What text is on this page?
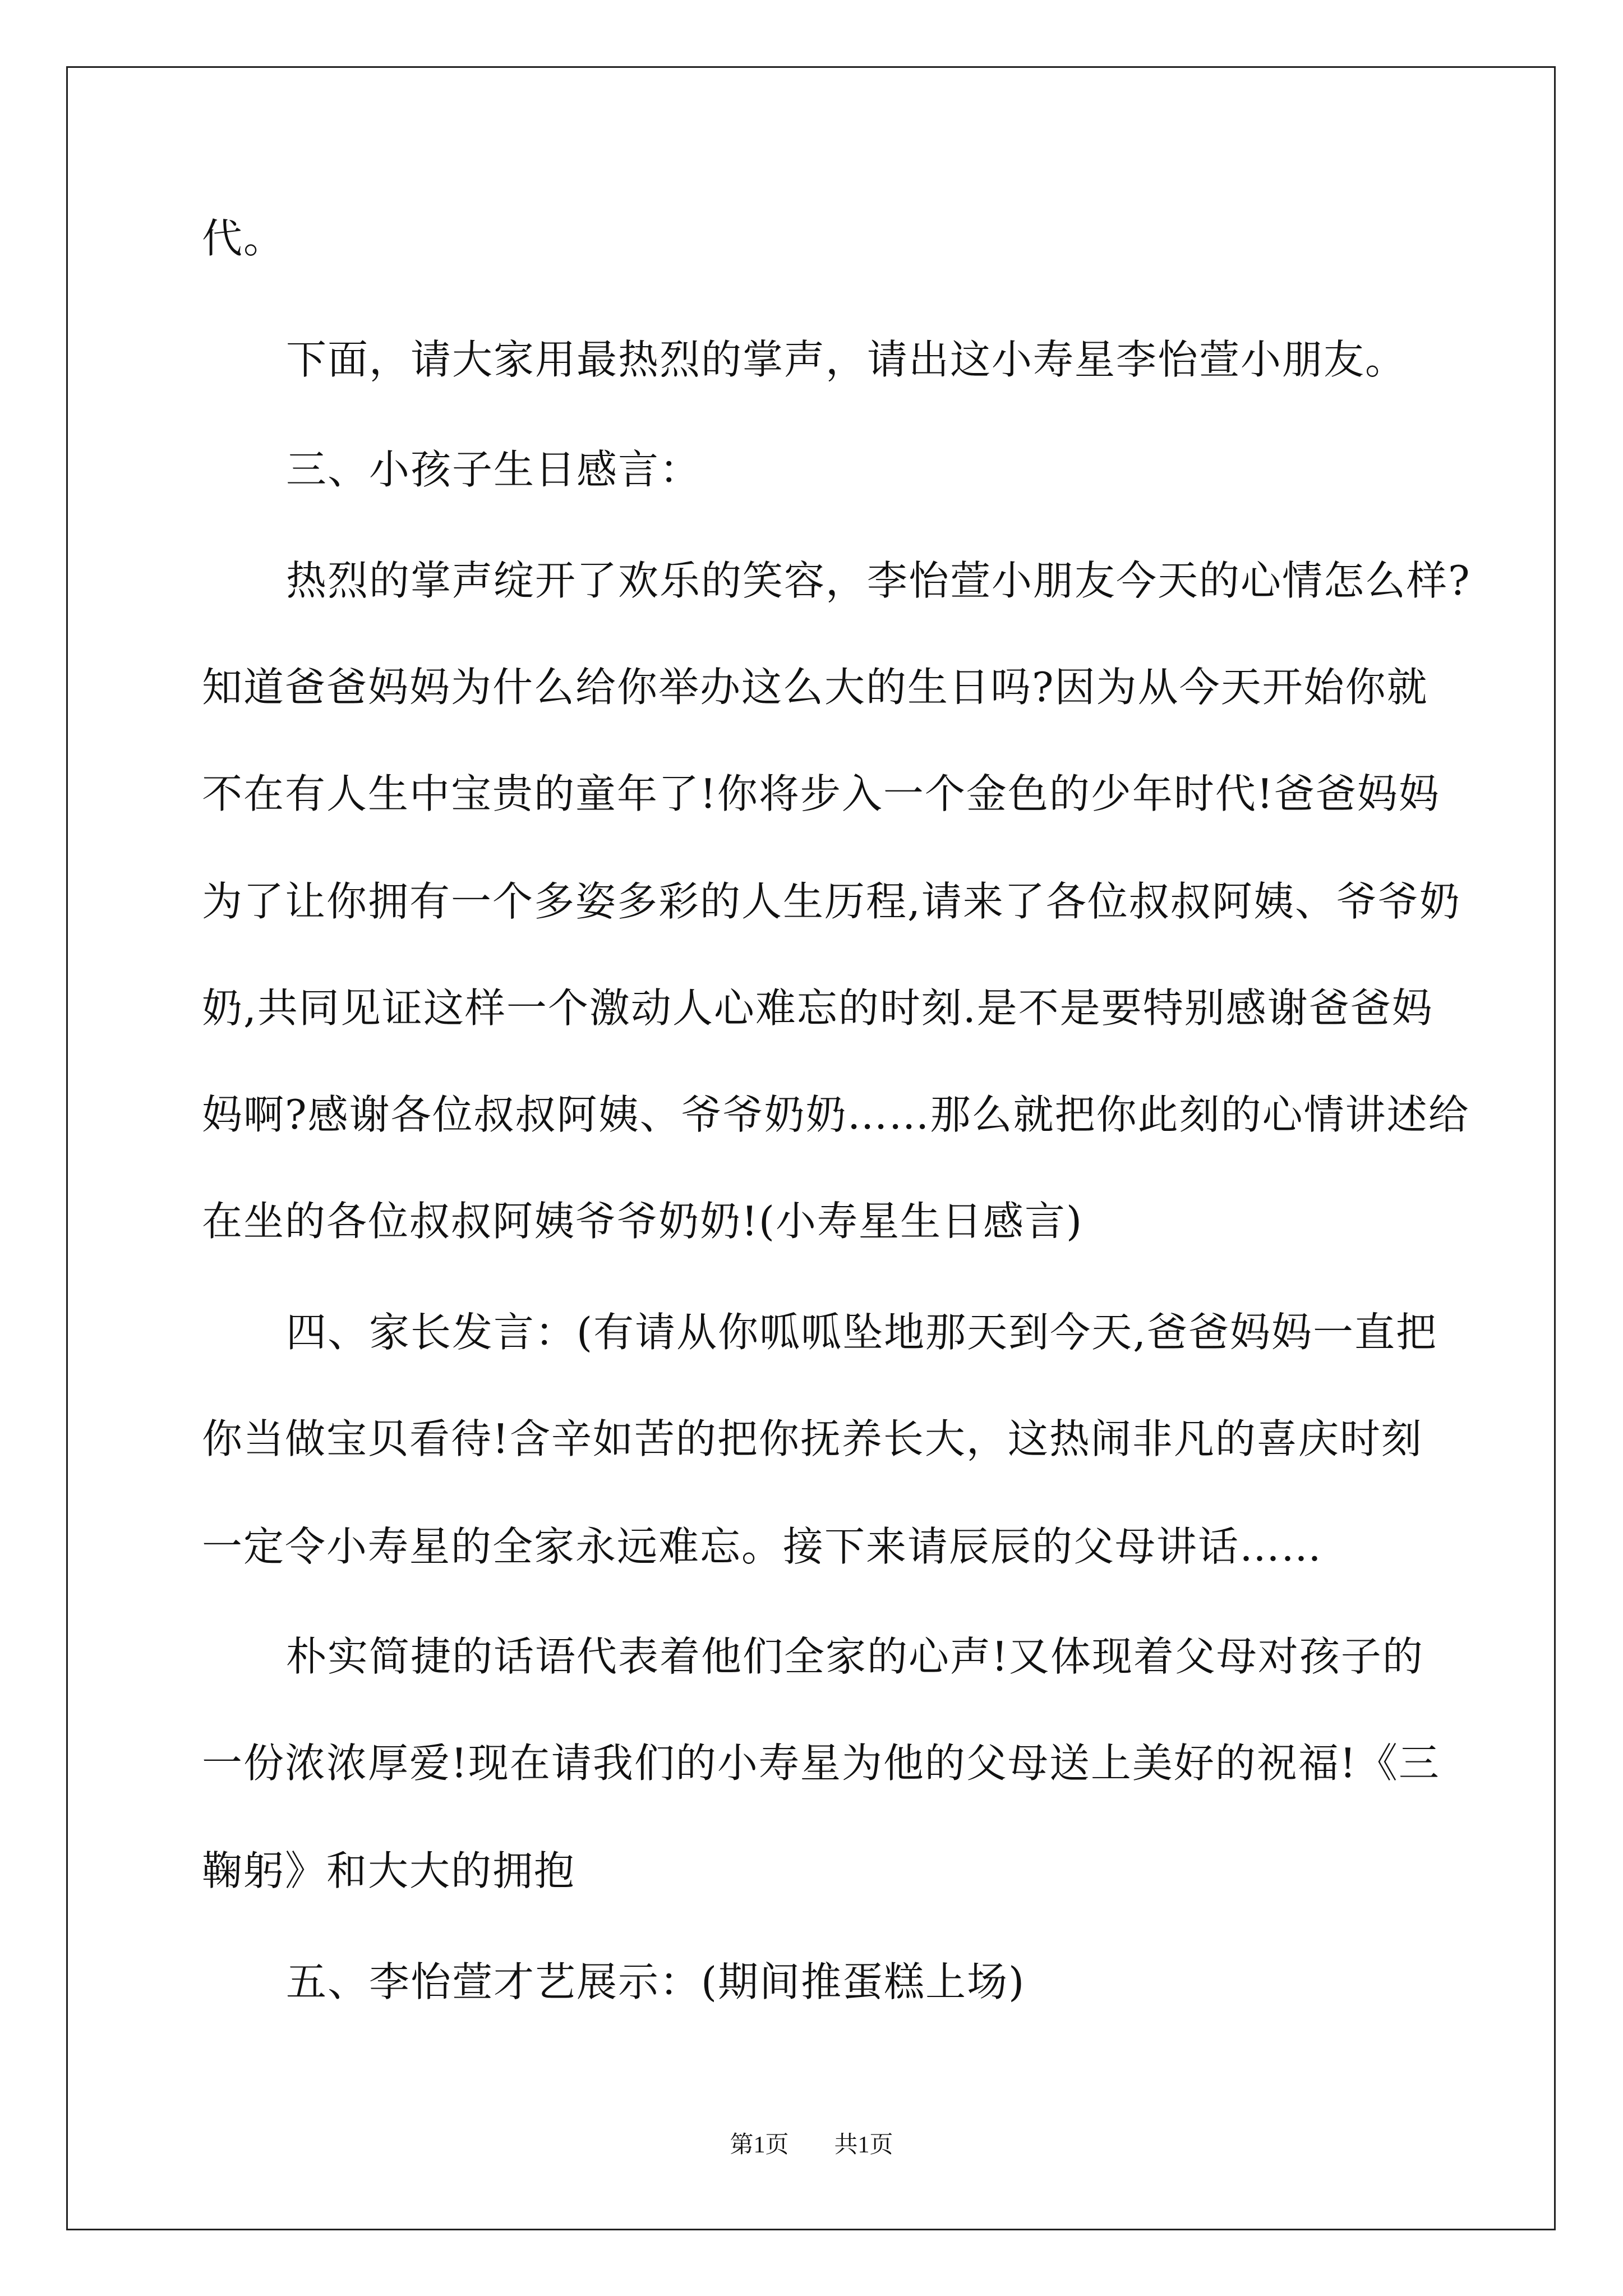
代。
下面，请大家用最热烈的掌声，请出这小寿星李怡萱小朋友。
三、小孩子生日感言：
热烈的掌声绽开了欢乐的笑容，李怡萱小朋友今天的心情怎么样?
知道爸爸妈妈为什么给你举办这么大的生日吗?因为从今天开始你就
不在有人生中宝贵的童年了!你将步入一个金色的少年时代!爸爸妈妈
为了让你拥有一个多姿多彩的人生历程,请来了各位叔叔阿姨、爷爷奶
奶,共同见证这样一个激动人心难忘的时刻.是不是要特别感谢爸爸妈
妈啊?感谢各位叔叔阿姨、爷爷奶奶……那么就把你此刻的心情讲述给
在坐的各位叔叔阿姨爷爷奶奶!(小寿星生日感言)
四、家长发言：(有请从你呱呱坠地那天到今天,爸爸妈妈一直把
你当做宝贝看待!含辛如苦的把你抚养长大，这热闹非凡的喜庆时刻
一定令小寿星的全家永远难忘。接下来请辰辰的父母讲话……
朴实简捷的话语代表着他们全家的心声!又体现着父母对孩子的
一份浓浓厚爱!现在请我们的小寿星为他的父母送上美好的祝福!《三
鞠躬》和大大的拥抱
五、李怡萱才艺展示：(期间推蛋糕上场)
第1页 共1页
